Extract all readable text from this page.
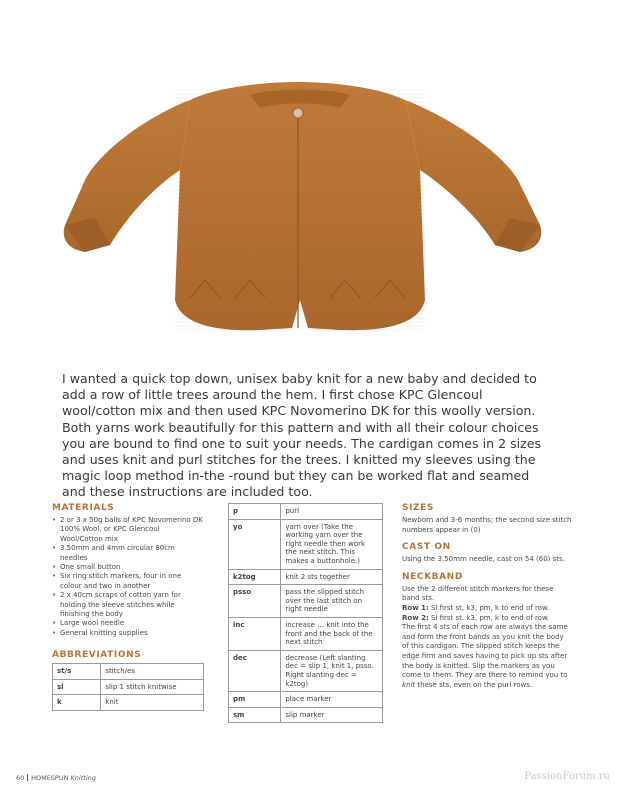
I wanted a quick top down, unisex baby knit for a new baby and decided to add a row of little trees around the hem. I first chose KPC Glencoul wool/cotton mix and then used KPC Novomerino DK for this woolly version. Both yarns work beautifully for this pattern and with all their colour choices you are bound to find one to suit your needs. The cardigan comes in 2 sizes and uses knit and purl stitches for the trees. I knitted my sleeves using the magic loop method in-the -round but they can be worked flat and seamed and these instructions are included too.
MATERIALS
• 2 or 3 x 50g balls of KPC Novomerino DK 100% Wool, or KPC Glencoul Wool/Cotton mix
• 3.50mm and 4mm circular 80cm needles
• One small button
• Six ring stitch markers, four in one colour and two in another
• 2 x 40cm scraps of cotton yarn for holding the sleeve stitches while finishing the body
• Large wool needle
• General knitting supplies
ABBREVIATIONS
st/s	stitch/es
sl	slip 1 stitch knitwise
k	knit
p	purl
yo	yarn over (Take the working yarn over the right needle then work the next stitch. This makes a buttonhole.)
k2tog	knit 2 sts together
psso	pass the slipped stitch over the last stitch on right needle
inc	increase … knit into the front and the back of the next stitch
dec	decrease (Left slanting dec = slip 1, knit 1, psso. Right slanting dec = k2tog)
pm	place marker
sm	slip marker
SIZES

Newborn and 3-6 months; the second size stitch numbers appear in (0)

CAST ON

Using the 3.50mm needle, cast on 54 (60) sts.

NECKBAND

Use the 2 different stitch markers for these band sts.
Row 1: Sl first st, k3, pm, k to end of row.
Row 2: Sl first st, k3, pm, k to end of row.
The first 4 sts of each row are always the same and form the front bands as you knit the body of this cardigan. The slipped stitch keeps the edge firm and saves having to pick up sts after the body is knitted. Slip the markers as you come to them. They are there to remind you to knit these sts, even on the purl rows.

60 HOMESPUN Knitting	PassionForum.ru
